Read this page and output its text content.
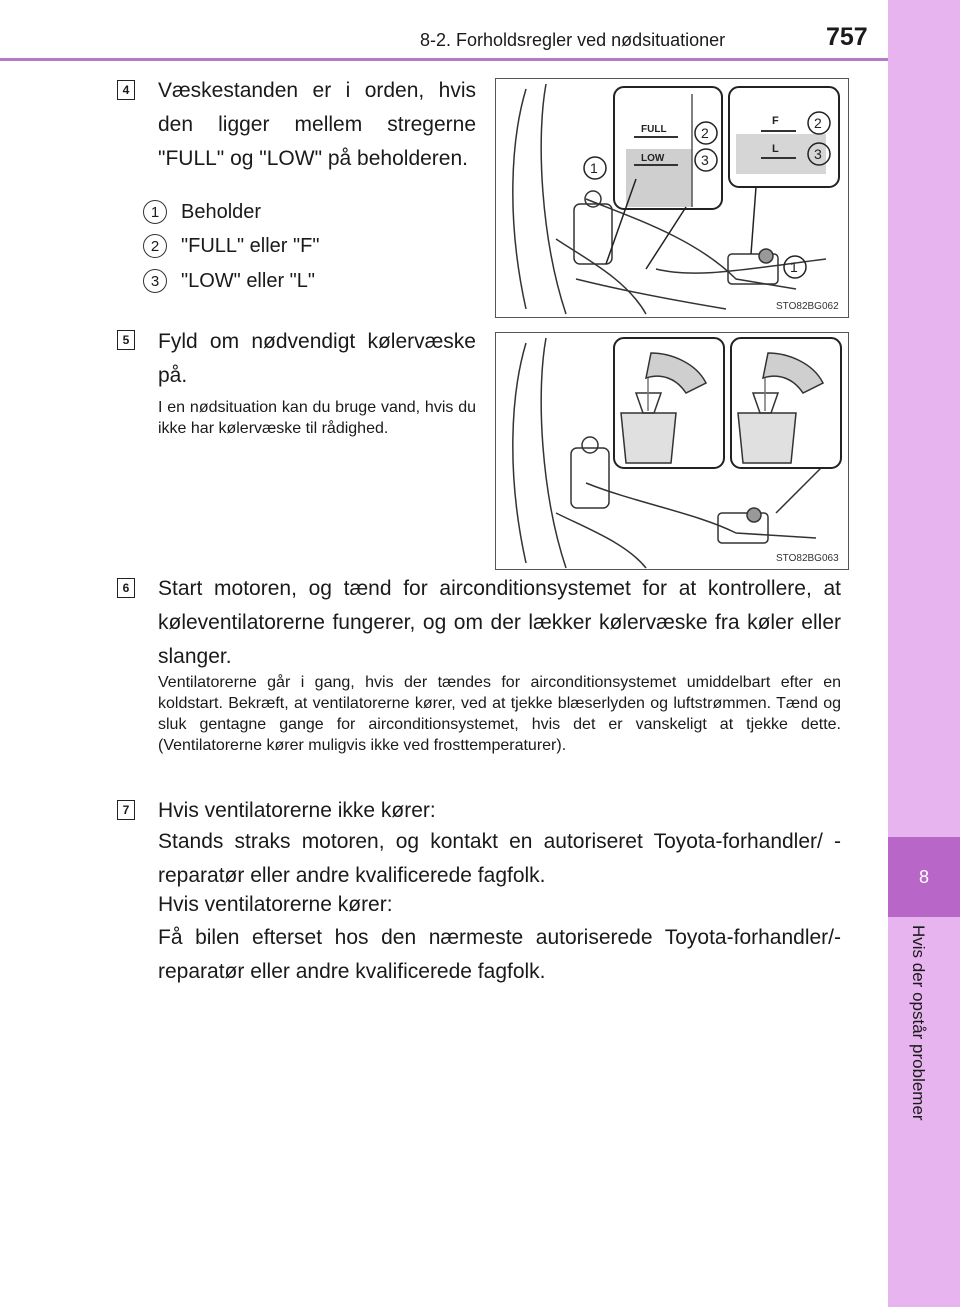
8-2. Forholdsregler ved nødsituationer	757
8
Hvis der opstår problemer
4 Væskestanden er i orden, hvis den ligger mellem stregerne "FULL" og "LOW" på beholderen.
1	Beholder
2	"FULL" eller "F"
3	"LOW" eller "L"
FULL
LOW
F
L
1
2
3
2
3
1
STO82BG062
5 Fyld om nødvendigt kølervæske på.
I en nødsituation kan du bruge vand, hvis du ikke har kølervæske til rådighed.
STO82BG063
6 Start motoren, og tænd for airconditionsystemet for at kontrollere, at køleventilatorerne fungerer, og om der lækker kølervæske fra køler eller slanger.
Ventilatorerne går i gang, hvis der tændes for airconditionsystemet umiddelbart efter en koldstart. Bekræft, at ventilatorerne kører, ved at tjekke blæserlyden og luftstrømmen. Tænd og sluk gentagne gange for airconditionsystemet, hvis det er vanskeligt at tjekke dette. (Ventilatorerne kører muligvis ikke ved frosttemperaturer).
7 Hvis ventilatorerne ikke kører:
Stands straks motoren, og kontakt en autoriseret Toyota-forhandler/ -reparatør eller andre kvalificerede fagfolk.
Hvis ventilatorerne kører:
Få bilen efterset hos den nærmeste autoriserede Toyota-forhandler/-reparatør eller andre kvalificerede fagfolk.
